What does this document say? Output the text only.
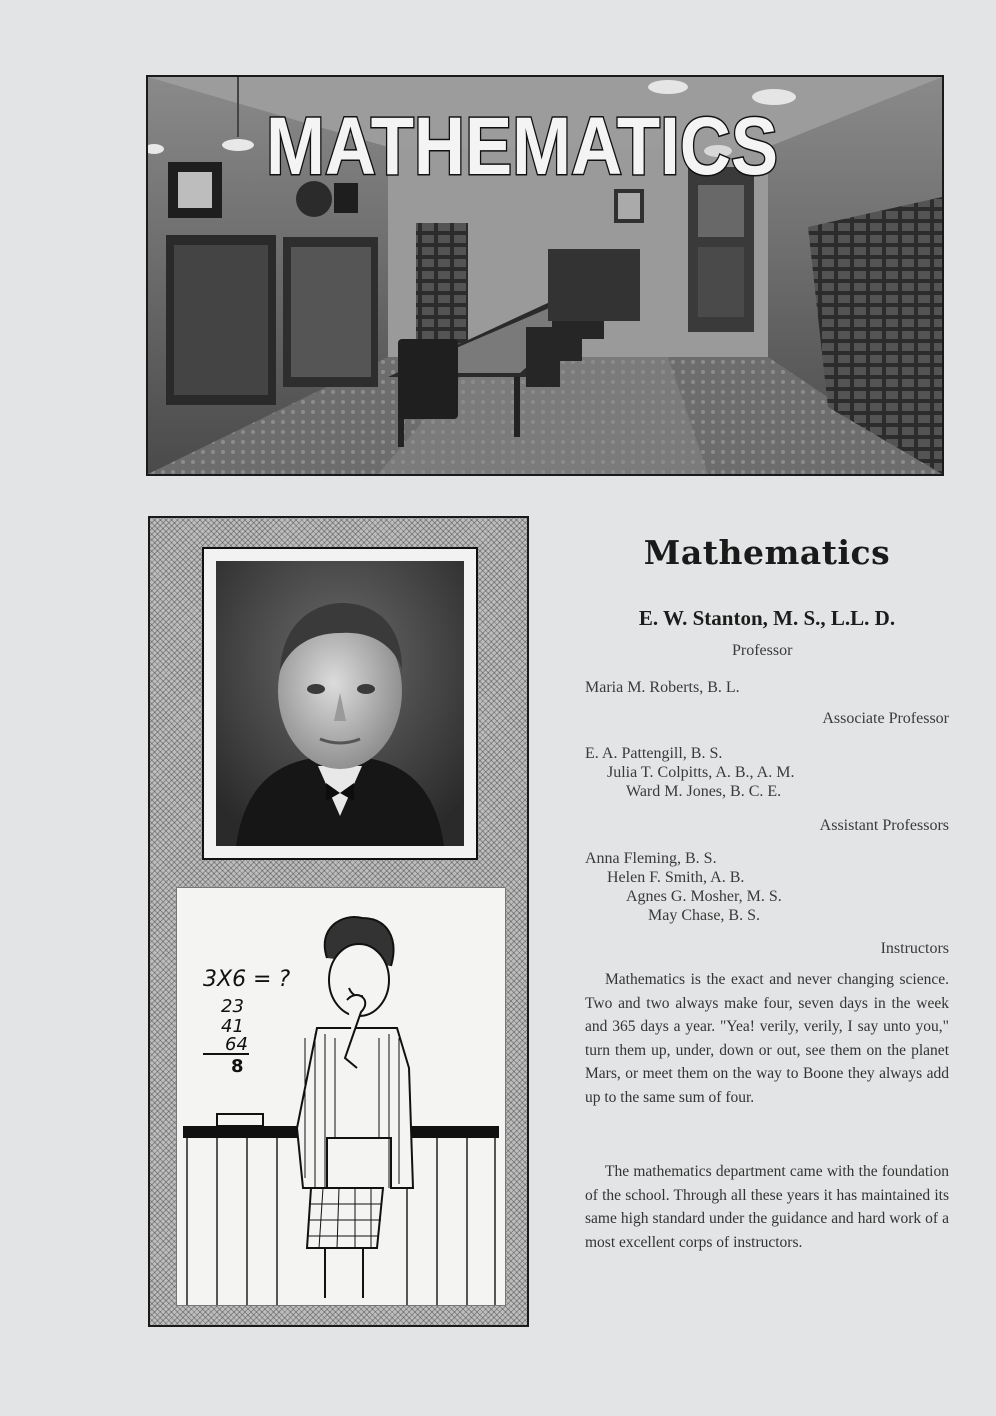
MATHEMATICS
3X6 = ?
23
41
64
8
Mathematics
E. W. Stanton, M. S., L.L. D.
Professor
Maria M. Roberts, B. L.
Associate Professor
E. A. Pattengill, B. S.
Julia T. Colpitts, A. B., A. M.
Ward M. Jones, B. C. E.
Assistant Professors
Anna Fleming, B. S.
Helen F. Smith, A. B.
Agnes G. Mosher, M. S.
May Chase, B. S.
Instructors

Mathematics is the exact and never changing science. Two and two always make four, seven days in the week and 365 days a year. "Yea! verily, verily, I say unto you," turn them up, under, down or out, see them on the planet Mars, or meet them on the way to Boone they always add up to the same sum of four.

The mathematics department came with the foundation of the school. Through all these years it has maintained its same high standard under the guidance and hard work of a most excellent corps of instructors.
